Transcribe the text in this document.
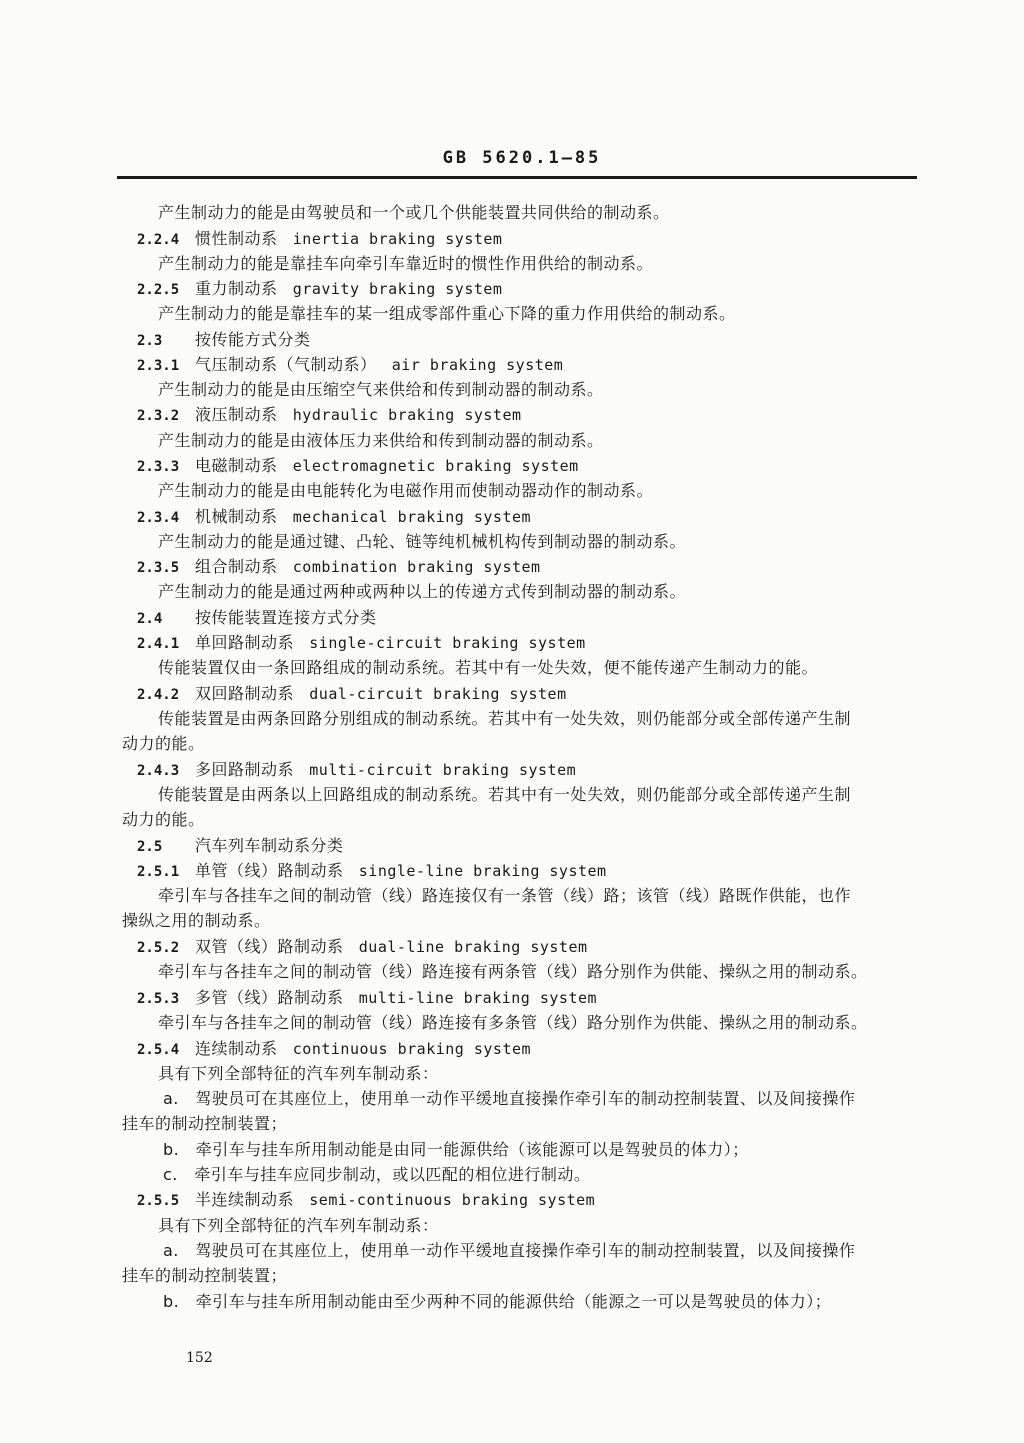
GB 5620.1—85
产生制动力的能是由驾驶员和一个或几个供能装置共同供给的制动系。
2.2.4 惯性制动系 inertia braking system
产生制动力的能是靠挂车向牵引车靠近时的惯性作用供给的制动系。
2.2.5 重力制动系 gravity braking system
产生制动力的能是靠挂车的某一组成零部件重心下降的重力作用供给的制动系。
2.3 按传能方式分类
2.3.1 气压制动系（气制动系） air braking system
产生制动力的能是由压缩空气来供给和传到制动器的制动系。
2.3.2 液压制动系 hydraulic braking system
产生制动力的能是由液体压力来供给和传到制动器的制动系。
2.3.3 电磁制动系 electromagnetic braking system
产生制动力的能是由电能转化为电磁作用而使制动器动作的制动系。
2.3.4 机械制动系 mechanical braking system
产生制动力的能是通过键、凸轮、链等纯机械机构传到制动器的制动系。
2.3.5 组合制动系 combination braking system
产生制动力的能是通过两种或两种以上的传递方式传到制动器的制动系。
2.4 按传能装置连接方式分类
2.4.1 单回路制动系 single-circuit braking system
传能装置仅由一条回路组成的制动系统。若其中有一处失效，便不能传递产生制动力的能。
2.4.2 双回路制动系 dual-circuit braking system
传能装置是由两条回路分别组成的制动系统。若其中有一处失效，则仍能部分或全部传递产生制
动力的能。
2.4.3 多回路制动系 multi-circuit braking system
传能装置是由两条以上回路组成的制动系统。若其中有一处失效，则仍能部分或全部传递产生制
动力的能。
2.5 汽车列车制动系分类
2.5.1 单管（线）路制动系 single-line braking system
牵引车与各挂车之间的制动管（线）路连接仅有一条管（线）路；该管（线）路既作供能，也作
操纵之用的制动系。
2.5.2 双管（线）路制动系 dual-line braking system
牵引车与各挂车之间的制动管（线）路连接有两条管（线）路分别作为供能、操纵之用的制动系。
2.5.3 多管（线）路制动系 multi-line braking system
牵引车与各挂车之间的制动管（线）路连接有多条管（线）路分别作为供能、操纵之用的制动系。
2.5.4 连续制动系 continuous braking system
具有下列全部特征的汽车列车制动系：
a.　驾驶员可在其座位上，使用单一动作平缓地直接操作牵引车的制动控制装置、以及间接操作
挂车的制动控制装置；
b.　牵引车与挂车所用制动能是由同一能源供给（该能源可以是驾驶员的体力）；
c.　牵引车与挂车应同步制动，或以匹配的相位进行制动。
2.5.5 半连续制动系 semi-continuous braking system
具有下列全部特征的汽车列车制动系：
a.　驾驶员可在其座位上，使用单一动作平缓地直接操作牵引车的制动控制装置，以及间接操作
挂车的制动控制装置；
b.　牵引车与挂车所用制动能由至少两种不同的能源供给（能源之一可以是驾驶员的体力）；
152
